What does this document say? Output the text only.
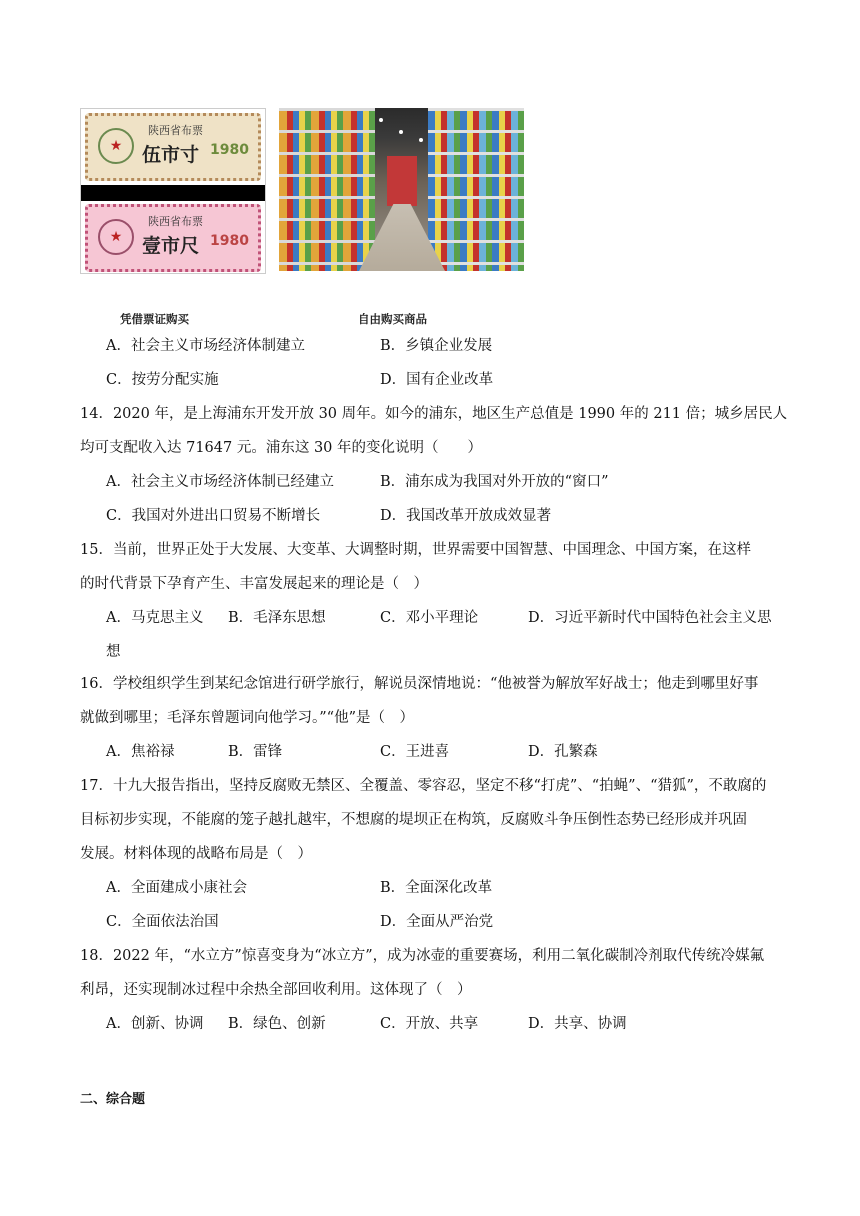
★
陕西省布票
伍市寸 1980
★
陕西省布票
壹市尺 1980
凭借票证购买	自由购买商品
A．社会主义市场经济体制建立	B．乡镇企业发展
C．按劳分配实施	D．国有企业改革
14．2020 年，是上海浦东开发开放 30 周年。如今的浦东，地区生产总值是 1990 年的 211 倍；城乡居民人
均可支配收入达 71647 元。浦东这 30 年的变化说明（　　）
A．社会主义市场经济体制已经建立	B．浦东成为我国对外开放的“窗口”
C．我国对外进出口贸易不断增长	D．我国改革开放成效显著
15．当前，世界正处于大发展、大变革、大调整时期，世界需要中国智慧、中国理念、中国方案，在这样
的时代背景下孕育产生、丰富发展起来的理论是（　）
A．马克思主义 B．毛泽东思想	C．邓小平理论	D．习近平新时代中国特色社会主义思
想
16．学校组织学生到某纪念馆进行研学旅行，解说员深情地说：“他被誉为解放军好战士；他走到哪里好事
就做到哪里；毛泽东曾题词向他学习。”“他”是（　）
A．焦裕禄	B．雷锋	C．王进喜	D．孔繁森
17．十九大报告指出，坚持反腐败无禁区、全覆盖、零容忍，坚定不移“打虎”、“拍蝇”、“猎狐”，不敢腐的
目标初步实现，不能腐的笼子越扎越牢，不想腐的堤坝正在构筑，反腐败斗争压倒性态势已经形成并巩固
发展。材料体现的战略布局是（　）
A．全面建成小康社会	B．全面深化改革
C．全面依法治国	D．全面从严治党
18．2022 年，“水立方”惊喜变身为“冰立方”，成为冰壶的重要赛场，利用二氧化碳制冷剂取代传统冷媒氟
利昂，还实现制冰过程中余热全部回收利用。这体现了（　）
A．创新、协调 B．绿色、创新	C．开放、共享	D．共享、协调
二、综合题
